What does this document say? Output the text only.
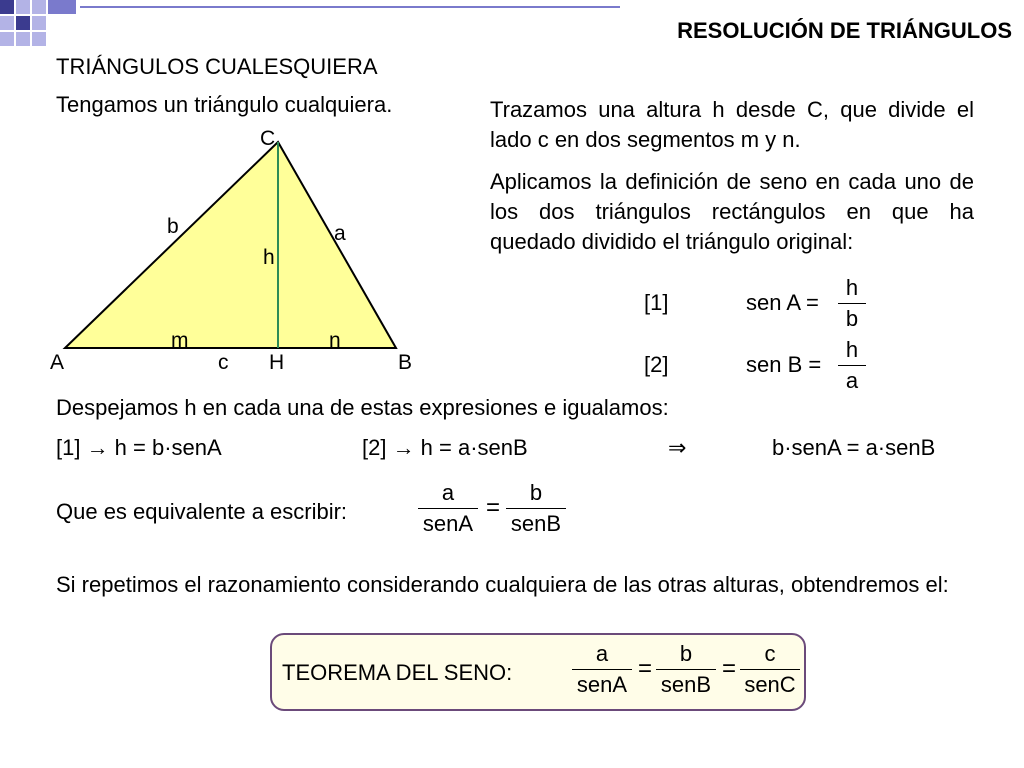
RESOLUCIÓN DE TRIÁNGULOS
TRIÁNGULOS CUALESQUIERA
Tengamos un triángulo cualquiera.
C
b	a
h
m	n
A	c H	B
Trazamos una altura h desde C, que divide el lado c en dos segmentos m y n.
Aplicamos la definición de seno en cada uno de los dos triángulos rectángulos en que ha quedado dividido el triángulo original:
[1]	sen A =
h
b
[2]	sen B =
h
a
Despejamos h en cada una de estas expresiones e igualamos:
[1] → h = b·senA	[2] → h = a·senB	⇒	b·senA = a·senB
Que es equivalente a escribir:
a
senA
=
b
senB
Si repetimos el razonamiento considerando cualquiera de las otras alturas, obtendremos el:
TEOREMA DEL SENO:
a
senA
=
b
senB
=
c
senC
